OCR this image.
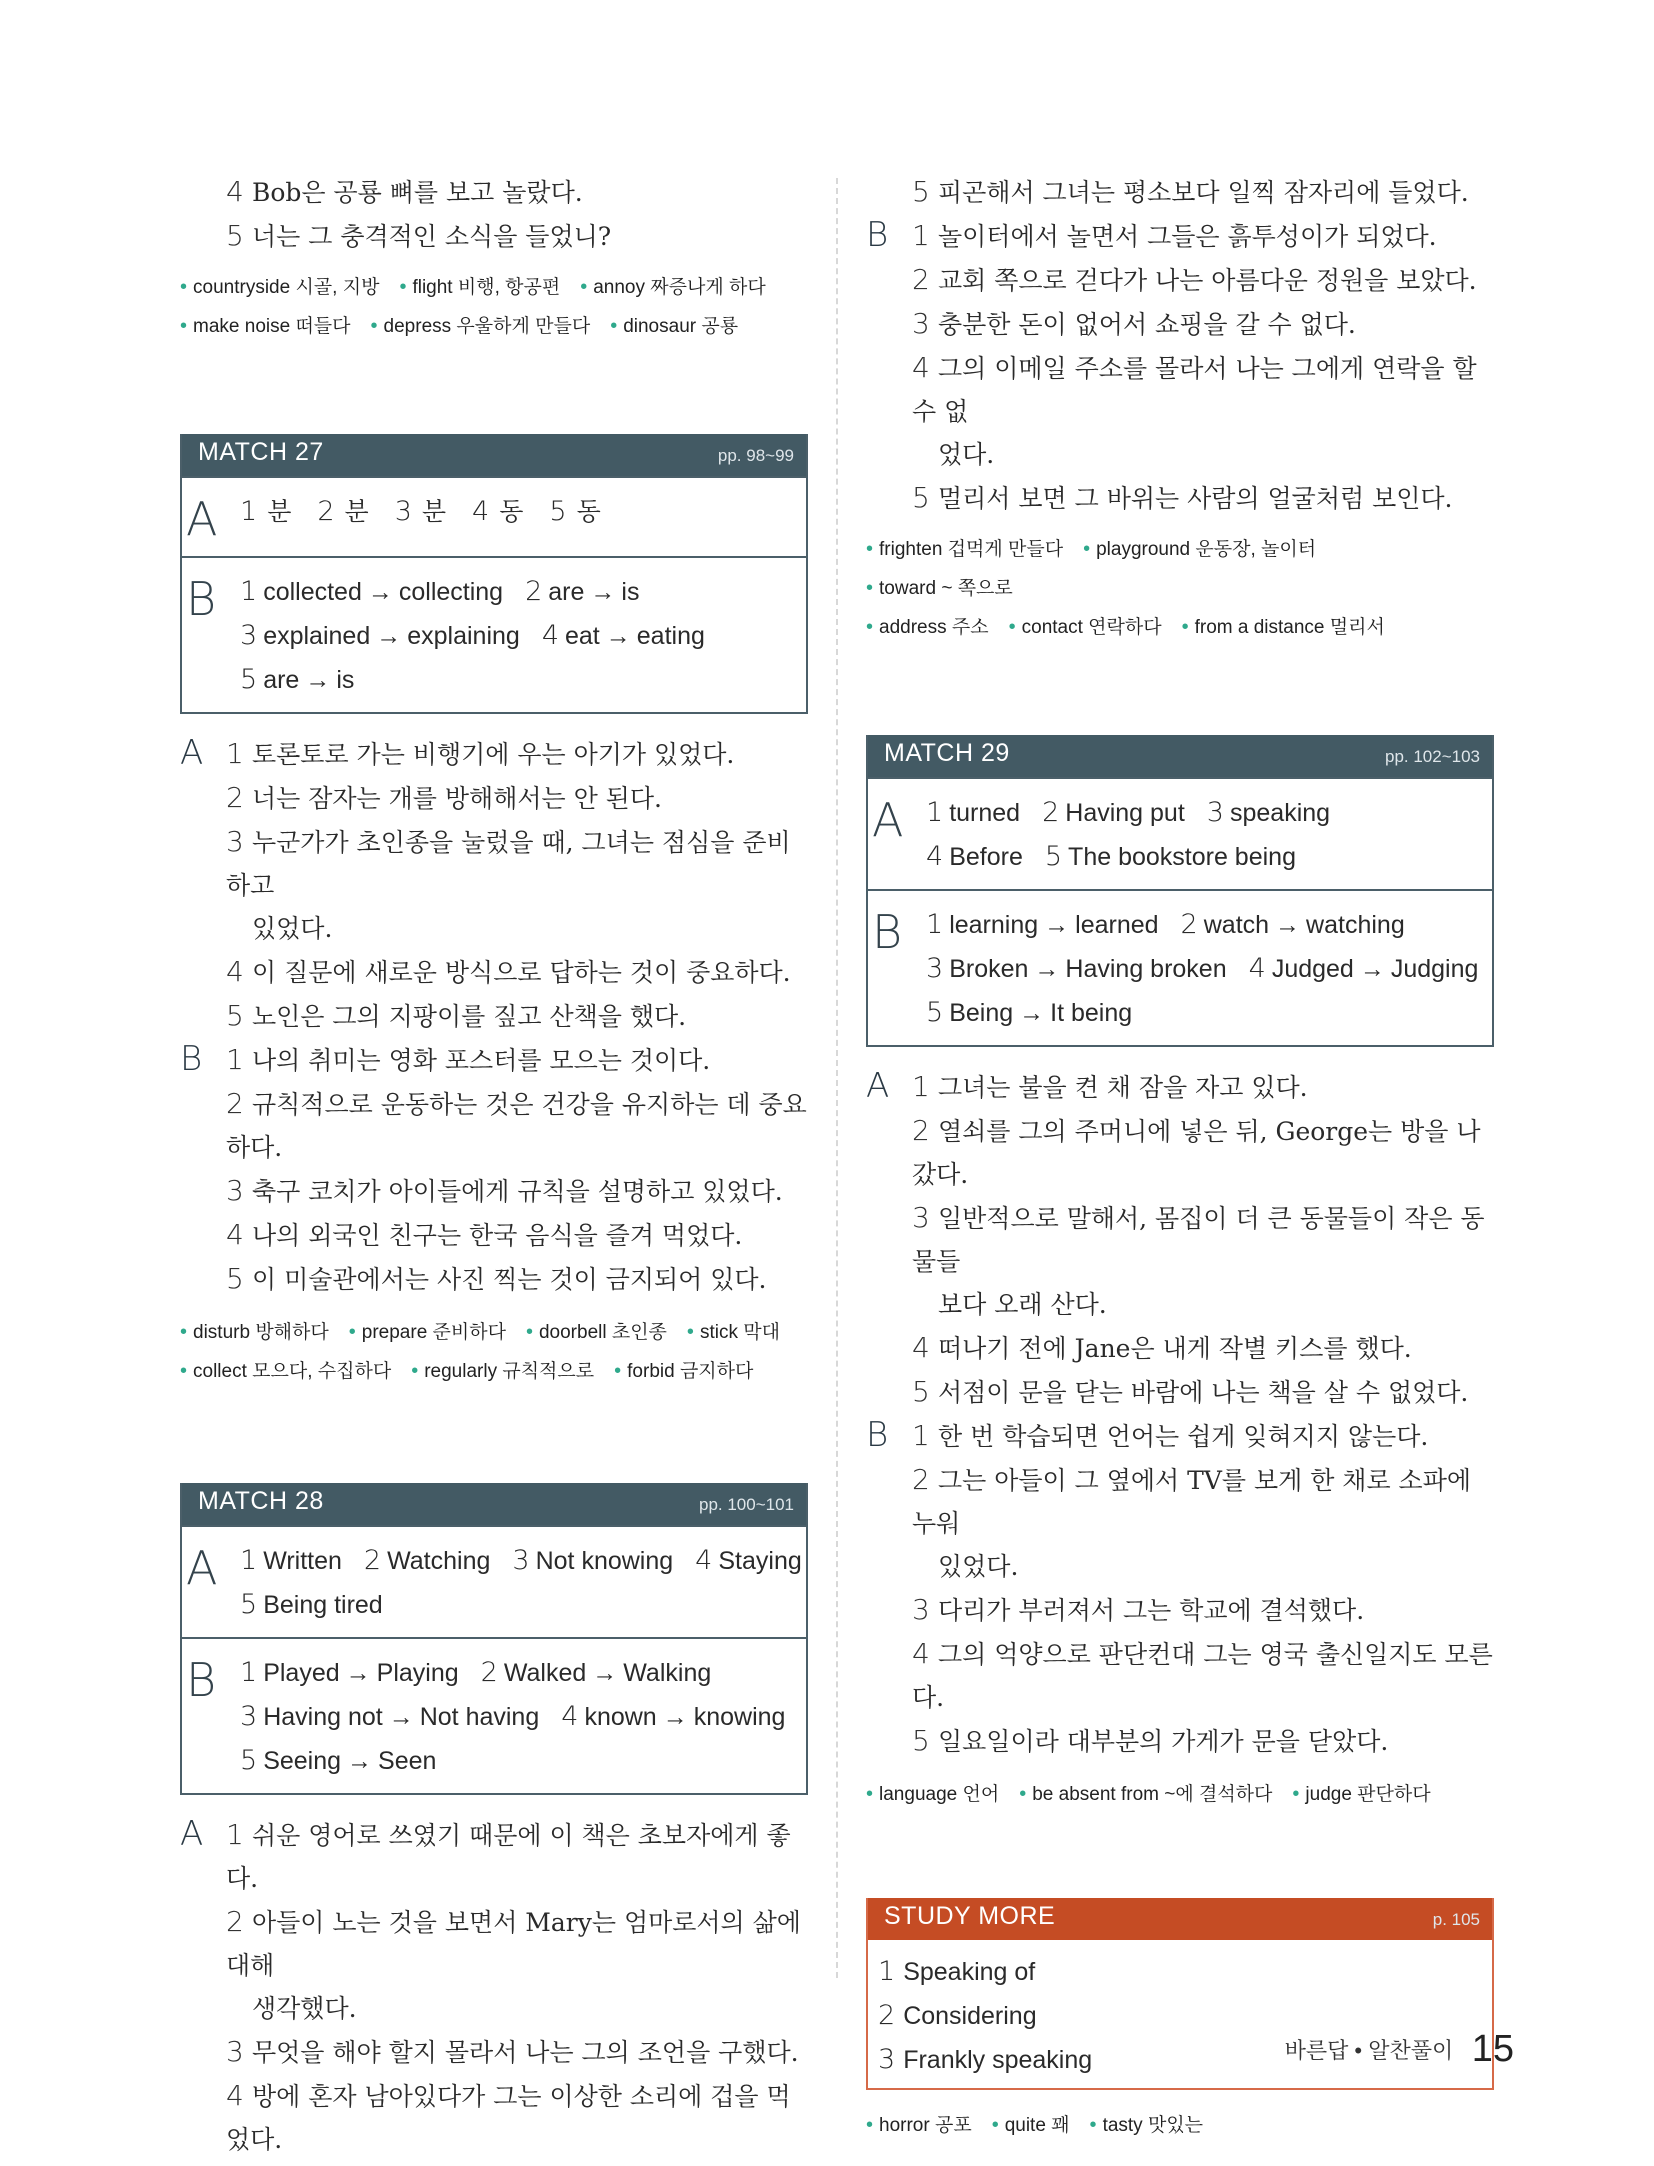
4 Bob은 공룡 뼈를 보고 놀랐다.
5 너는 그 충격적인 소식을 들었니?
• countryside 시골, 지방 • flight 비행, 항공편 • annoy 짜증나게 하다
• make noise 떠들다 • depress 우울하게 만들다 • dinosaur 공룡
MATCH 27	pp. 98~99
A 1 분 2 분 3 분 4 동 5 동
B 1 collected → collecting 2 are → is
3 explained → explaining 4 eat → eating
5 are → is
A 1 토론토로 가는 비행기에 우는 아기가 있었다.
2 너는 잠자는 개를 방해해서는 안 된다.
3 누군가가 초인종을 눌렀을 때, 그녀는 점심을 준비하고
있었다.
4 이 질문에 새로운 방식으로 답하는 것이 중요하다.
5 노인은 그의 지팡이를 짚고 산책을 했다.
B 1 나의 취미는 영화 포스터를 모으는 것이다.
2 규칙적으로 운동하는 것은 건강을 유지하는 데 중요하다.
3 축구 코치가 아이들에게 규칙을 설명하고 있었다.
4 나의 외국인 친구는 한국 음식을 즐겨 먹었다.
5 이 미술관에서는 사진 찍는 것이 금지되어 있다.
• disturb 방해하다 • prepare 준비하다 • doorbell 초인종 • stick 막대
• collect 모으다, 수집하다 • regularly 규칙적으로 • forbid 금지하다
MATCH 28	pp. 100~101
A 1 Written 2 Watching 3 Not knowing 4 Staying
5 Being tired
B 1 Played → Playing 2 Walked → Walking
3 Having not → Not having 4 known → knowing
5 Seeing → Seen
A 1 쉬운 영어로 쓰였기 때문에 이 책은 초보자에게 좋다.
2 아들이 노는 것을 보면서 Mary는 엄마로서의 삶에 대해
생각했다.
3 무엇을 해야 할지 몰라서 나는 그의 조언을 구했다.
4 방에 혼자 남아있다가 그는 이상한 소리에 겁을 먹었다.
5 피곤해서 그녀는 평소보다 일찍 잠자리에 들었다.
B 1 놀이터에서 놀면서 그들은 흙투성이가 되었다.
2 교회 쪽으로 걷다가 나는 아름다운 정원을 보았다.
3 충분한 돈이 없어서 쇼핑을 갈 수 없다.
4 그의 이메일 주소를 몰라서 나는 그에게 연락을 할 수 없
었다.
5 멀리서 보면 그 바위는 사람의 얼굴처럼 보인다.
• frighten 겁먹게 만들다 • playground 운동장, 놀이터• toward ~ 쪽으로
• address 주소 • contact 연락하다 • from a distance 멀리서
MATCH 29	pp. 102~103
A 1 turned 2 Having put 3 speaking
4 Before 5 The bookstore being
B 1 learning → learned 2 watch → watching
3 Broken → Having broken 4 Judged → Judging
5 Being → It being
A 1 그녀는 불을 켠 채 잠을 자고 있다.
2 열쇠를 그의 주머니에 넣은 뒤, George는 방을 나갔다.
3 일반적으로 말해서, 몸집이 더 큰 동물들이 작은 동물들
보다 오래 산다.
4 떠나기 전에 Jane은 내게 작별 키스를 했다.
5 서점이 문을 닫는 바람에 나는 책을 살 수 없었다.
B 1 한 번 학습되면 언어는 쉽게 잊혀지지 않는다.
2 그는 아들이 그 옆에서 TV를 보게 한 채로 소파에 누워
있었다.
3 다리가 부러져서 그는 학교에 결석했다.
4 그의 억양으로 판단컨대 그는 영국 출신일지도 모른다.
5 일요일이라 대부분의 가게가 문을 닫았다.
• language 언어 • be absent from ~에 결석하다 • judge 판단하다
STUDY MORE	p. 105
1 Speaking of
2 Considering
3 Frankly speaking
• horror 공포 • quite 꽤 • tasty 맛있는
바른답 • 알찬풀이 15
